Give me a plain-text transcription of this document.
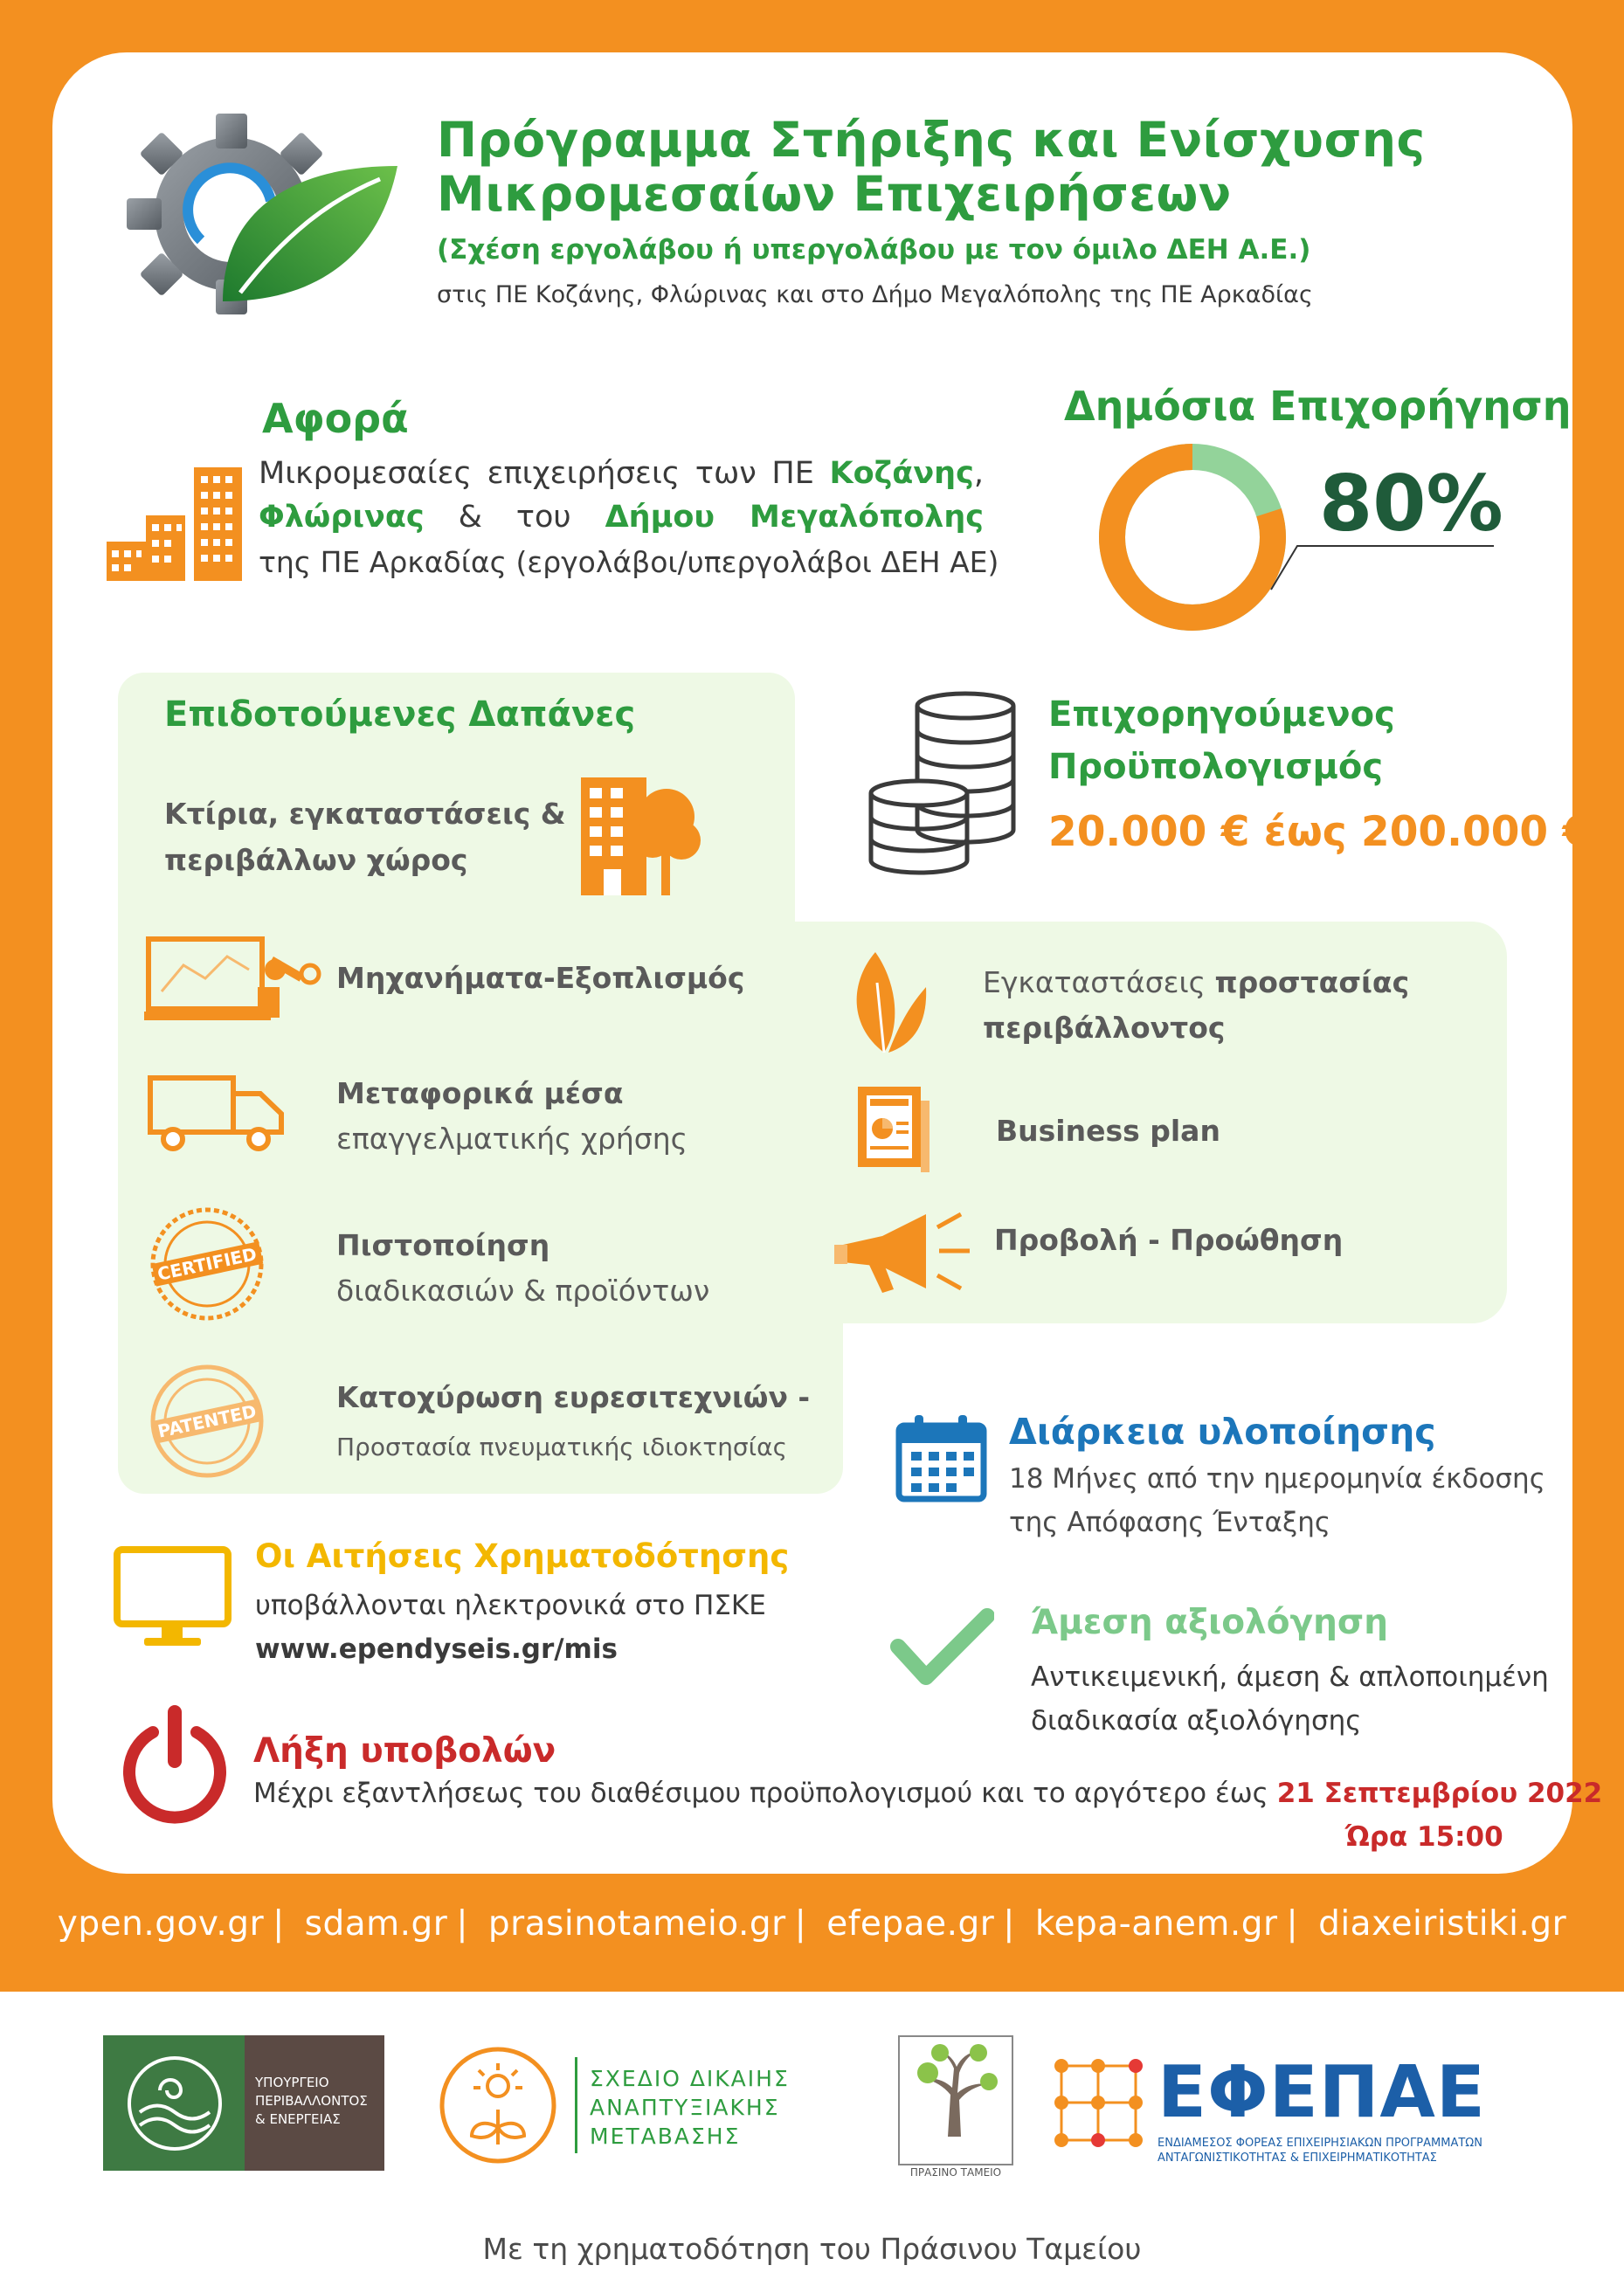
Πρόγραμμα Στήριξης και Ενίσχυσης
Μικρομεσαίων Επιχειρήσεων
(Σχέση εργολάβου ή υπεργολάβου με τον όμιλο ΔΕΗ Α.Ε.)
στις ΠΕ Κοζάνης, Φλώρινας και στο Δήμο Μεγαλόπολης της ΠΕ Αρκαδίας
Αφορά
Μικρομεσαίες επιχειρήσεις των ΠΕ Κοζάνης,
Φλώρινας & του Δήμου Μεγαλόπολης
της ΠΕ Αρκαδίας (εργολάβοι/υπεργολάβοι ΔΕΗ ΑΕ)
Δημόσια Επιχορήγηση
80%
Επιδοτούμενες Δαπάνες
Κτίρια, εγκαταστάσεις &
περιβάλλων χώρος
Μηχανήματα-Εξοπλισμός
Μεταφορικά μέσα
επαγγελματικής χρήσης
CERTIFIED	Πιστοποίηση
διαδικασιών & προϊόντων
PATENTED
Κατοχύρωση ευρεσιτεχνιών -
Προστασία πνευματικής ιδιοκτησίας
Εγκαταστάσεις προστασίας
περιβάλλοντος
Business plan
Προβολή - Προώθηση
Επιχορηγούμενος
Προϋπολογισμός
20.000 € έως 200.000 €
Διάρκεια υλοποίησης
18 Μήνες από την ημερομηνία έκδοσης
της Απόφασης Ένταξης
Οι Αιτήσεις Χρηματοδότησης
υποβάλλονται ηλεκτρονικά στο ΠΣΚΕ
www.ependyseis.gr/mis
Άμεση αξιολόγηση
Αντικειμενική, άμεση & απλοποιημένη
διαδικασία αξιολόγησης
Λήξη υποβολών
Μέχρι εξαντλήσεως του διαθέσιμου προϋπολογισμού και το αργότερο έως 21 Σεπτεμβρίου 2022
Ώρα 15:00
ypen.gov.gr | sdam.gr | prasinotameio.gr | efepae.gr | kepa-anem.gr | diaxeiristiki.gr
ΥΠΟΥΡΓΕΙΟ
ΠΕΡΙΒΑΛΛΟΝΤΟΣ
& ΕΝΕΡΓΕΙΑΣ
ΣΧΕΔΙΟ ΔΙΚΑΙΗΣ
ΑΝΑΠΤΥΞΙΑΚΗΣ
ΜΕΤΑΒΑΣΗΣ
ΠΡΑΣΙΝΟ ΤΑΜΕΙΟ
ΕΦΕΠΑΕ
ΕΝΔΙΑΜΕΣΟΣ ΦΟΡΕΑΣ ΕΠΙΧΕΙΡΗΣΙΑΚΩΝ ΠΡΟΓΡΑΜΜΑΤΩΝ
ΑΝΤΑΓΩΝΙΣΤΙΚΟΤΗΤΑΣ & ΕΠΙΧΕΙΡΗΜΑΤΙΚΟΤΗΤΑΣ
Με τη χρηματοδότηση του Πράσινου Ταμείου
